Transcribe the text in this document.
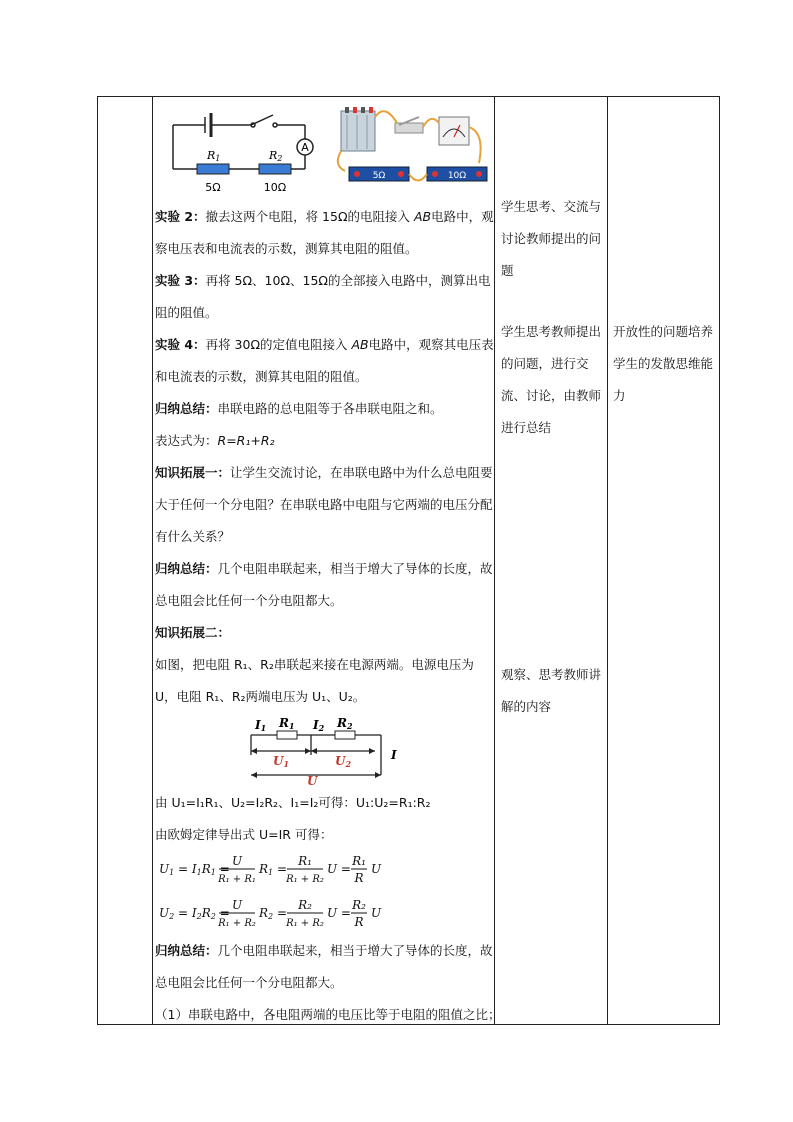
A
R1	R2
5Ω	10Ω
5Ω	10Ω

实验 2：撤去这两个电阻，将 15Ω的电阻接入 AB电路中，观察电压表和电流表的示数，测算其电阻的阻值。

实验 3：再将 5Ω、10Ω、15Ω的全部接入电路中，测算出电阻的阻值。

实验 4：再将 30Ω的定值电阻接入 AB电路中，观察其电压表和电流表的示数，测算其电阻的阻值。

归纳总结：串联电路的总电阻等于各串联电阻之和。

表达式为：R=R₁+R₂

知识拓展一：让学生交流讨论，在串联电路中为什么总电阻要大于任何一个分电阻？在串联电路中电阻与它两端的电压分配有什么关系？

归纳总结：几个电阻串联起来，相当于增大了导体的长度，故总电阻会比任何一个分电阻都大。

知识拓展二：

如图，把电阻 R₁、R₂串联起来接在电源两端。电源电压为 U，电阻 R₁、R₂两端电压为 U₁、U₂。

I1 R1 I2 R2
U1	U2
U
I

由 U₁=I₁R₁、U₂=I₂R₂、I₁=I₂可得：U₁:U₂=R₁:R₂

由欧姆定律导出式 U=IR 可得：

U1 = I1R1 =
U
R₁ + R₁
R1 =
R₁
R₁ + R₂
U =
R₁
R
U
U2 = I2R2 =
U
R₁ + R₂
R2 =
R₂
R₁ + R₂
U =
R₂
R
U

归纳总结：几个电阻串联起来，相当于增大了导体的长度，故总电阻会比任何一个分电阻都大。

（1）串联电路中，各电阻两端的电压比等于电阻的阻值之比；

学生思考、交流与讨论教师提出的问题

学生思考教师提出的问题，进行交流、讨论，由教师进行总结

观察、思考教师讲解的内容

开放性的问题培养学生的发散思维能力
